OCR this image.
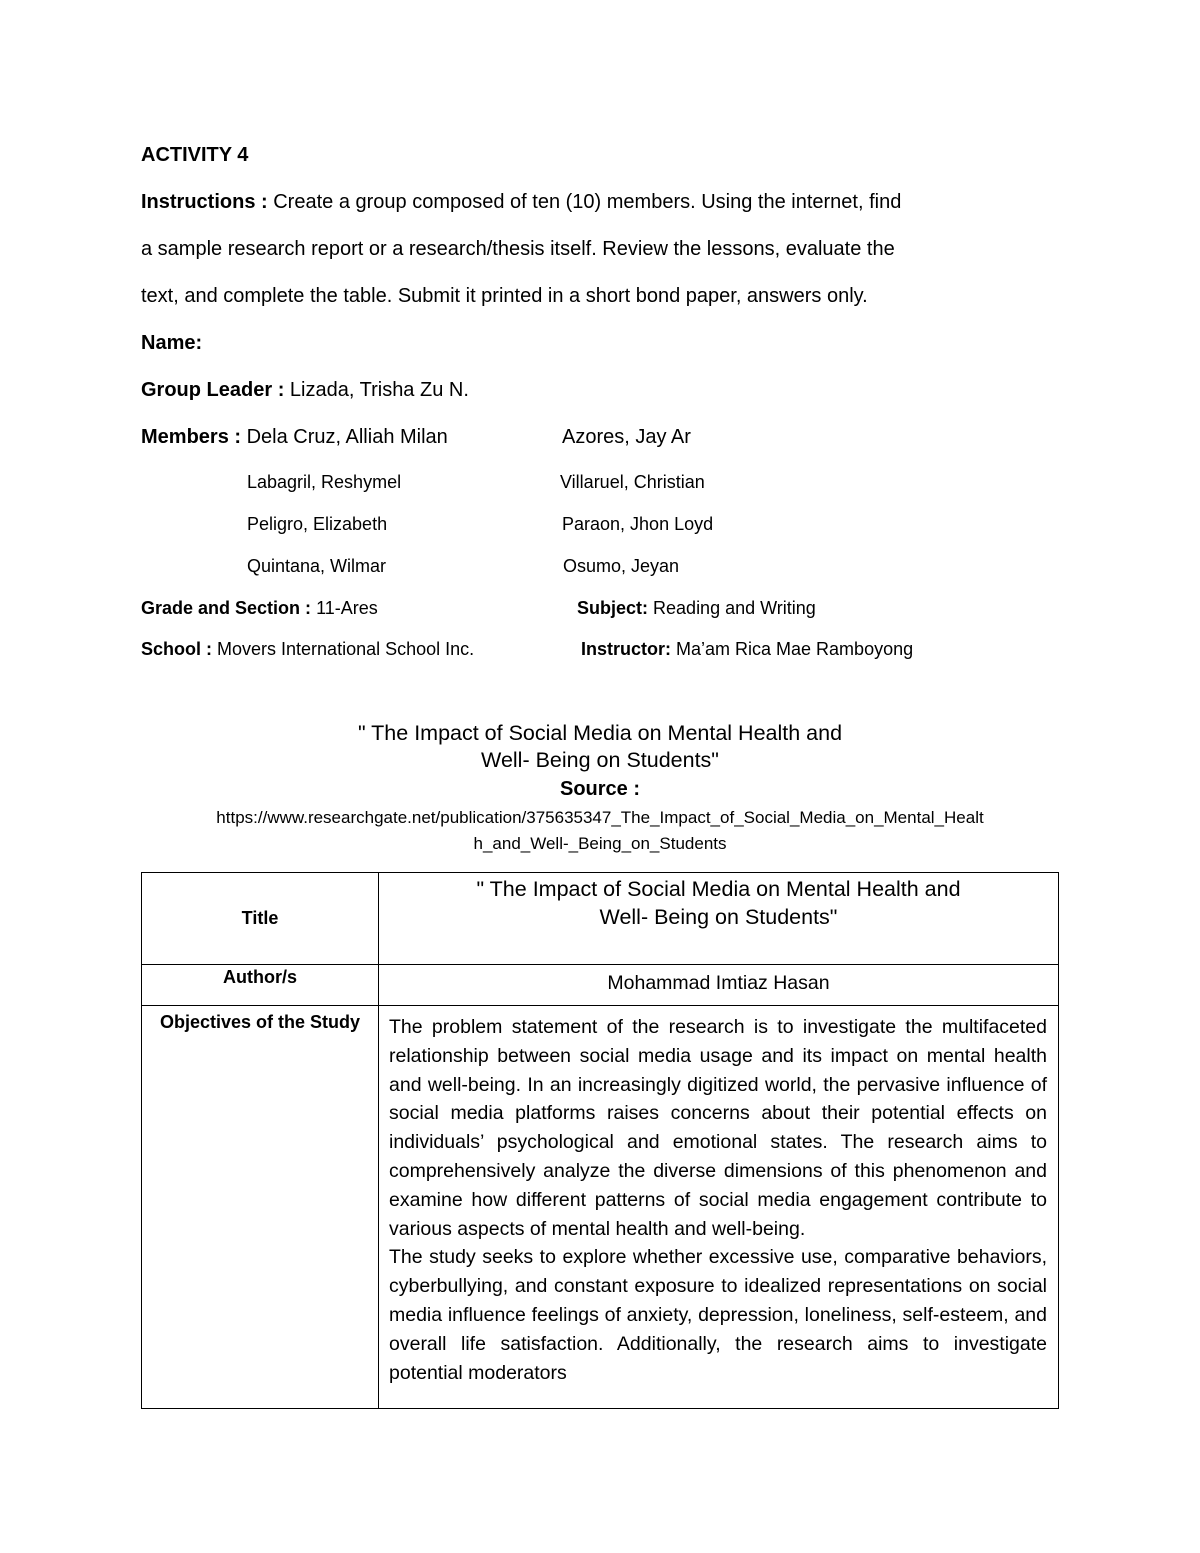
ACTIVITY 4
Instructions : Create a group composed of ten (10) members. Using the internet, find
a sample research report or a research/thesis itself. Review the lessons, evaluate the
text, and complete the table. Submit it printed in a short bond paper, answers only.
Name:
Group Leader : Lizada, Trisha Zu N.
Members : Dela Cruz, Alliah Milan	Azores, Jay Ar
Labagril, Reshymel	Villaruel, Christian
Peligro, Elizabeth	Paraon, Jhon Loyd
Quintana, Wilmar	Osumo, Jeyan
Grade and Section : 11-Ares	Subject: Reading and Writing
School : Movers International School Inc.	Instructor: Ma’am Rica Mae Ramboyong
" The Impact of Social Media on Mental Health and
Well- Being on Students"
Source :
https://www.researchgate.net/publication/375635347_The_Impact_of_Social_Media_on_Mental_Healt
h_and_Well-_Being_on_Students
Title	" The Impact of Social Media on Mental Health and
Well- Being on Students"

Author/s	Mohammad Imtiaz Hasan
Objectives of the Study	The problem statement of the research is to investigate the multifaceted relationship between social media usage and its impact on mental health and well-being. In an increasingly digitized world, the pervasive influence of social media platforms raises concerns about their potential effects on individuals’ psychological and emotional states. The research aims to comprehensively analyze the diverse dimensions of this phenomenon and examine how different patterns of social media engagement contribute to various aspects of mental health and well-being.
The study seeks to explore whether excessive use, comparative behaviors, cyberbullying, and constant exposure to idealized representations on social media influence feelings of anxiety, depression, loneliness, self-esteem, and overall life satisfaction. Additionally, the research aims to investigate potential moderators
